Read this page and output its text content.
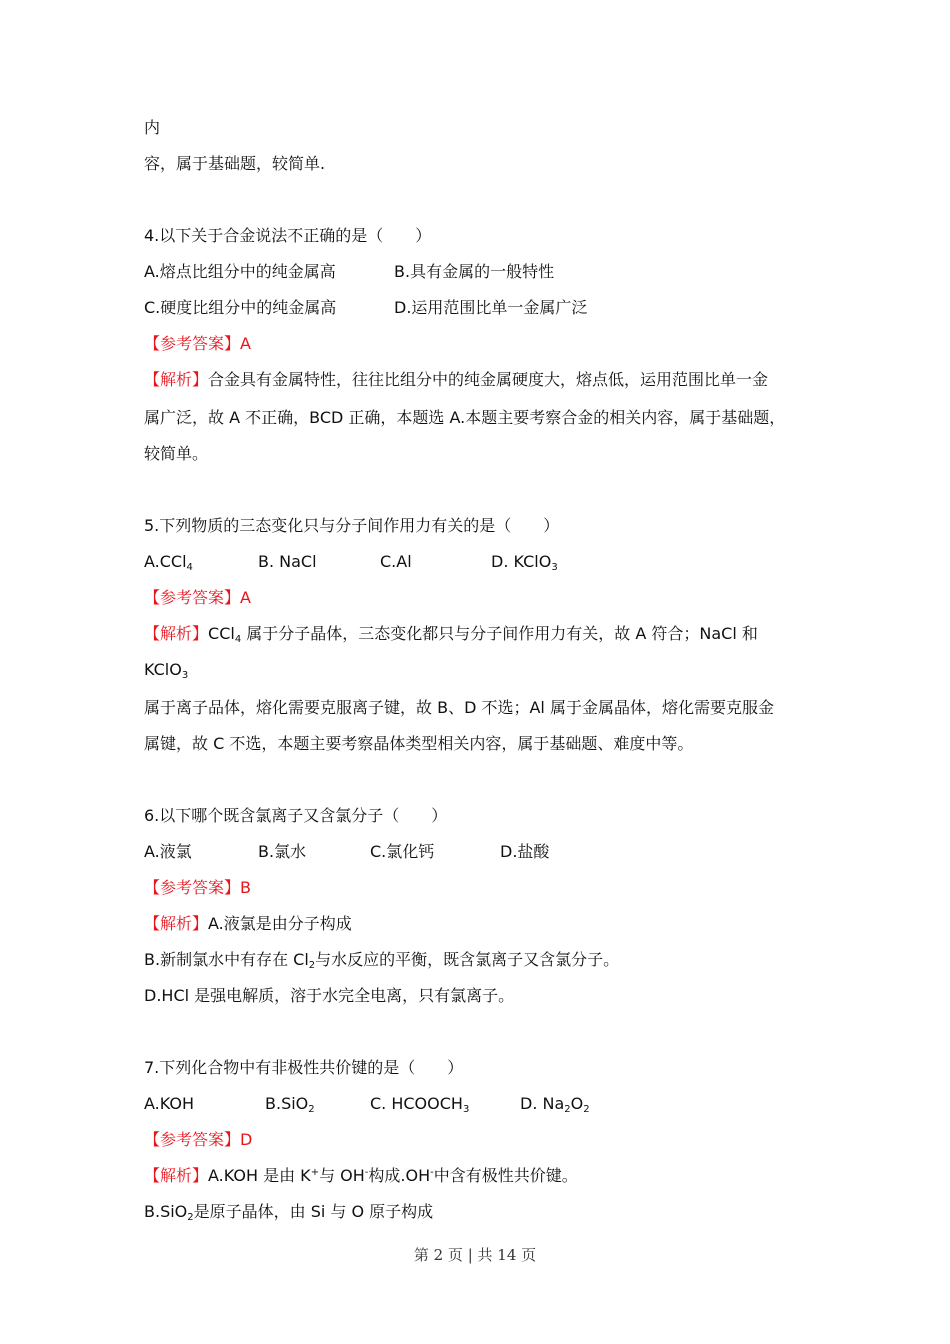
内
容，属于基础题，较简单.
4.以下关于合金说法不正确的是（　　）
A.熔点比组分中的纯金属高	B.具有金属的一般特性
C.硬度比组分中的纯金属高	D.运用范围比单一金属广泛
【参考答案】A
【解析】合金具有金属特性，往往比组分中的纯金属硬度大，熔点低，运用范围比单一金
属广泛，故 A 不正确，BCD 正确，本题选 A.本题主要考察合金的相关内容，属于基础题，
较简单。
5.下列物质的三态变化只与分子间作用力有关的是（　　）
A.CCl$_4$	B. NaCl	C.Al	D. KClO$_3$
【参考答案】A
【解析】CCl$_4$ 属于分子晶体，三态变化都只与分子间作用力有关，故 A 符合；NaCl 和
KClO$_3$
属于离子品体，熔化需要克服离子键，故 B、D 不选；Al 属于金属晶体，熔化需要克服金
属键，故 C 不选，本题主要考察晶体类型相关内容，属于基础题、难度中等。
6.以下哪个既含氯离子又含氯分子（　　）
A.液氯	B.氯水	C.氯化钙	D.盐酸
【参考答案】B
【解析】A.液氯是由分子构成
B.新制氯水中有存在 $Cl_2$与水反应的平衡，既含氯离子又含氯分子。
D.HCl 是强电解质，溶于水完全电离，只有氯离子。
7.下列化合物中有非极性共价键的是（　　）
A.KOH	B.SiO$_2$	C. $HCOOCH_3$	D. $Na_2O_2$
【参考答案】D
【解析】A.KOH 是由 K+与 OH-构成.OH-中含有极性共价键。
B.SiO$_2$是原子晶体，由 Si 与 O 原子构成
第 2 页 | 共 14 页
